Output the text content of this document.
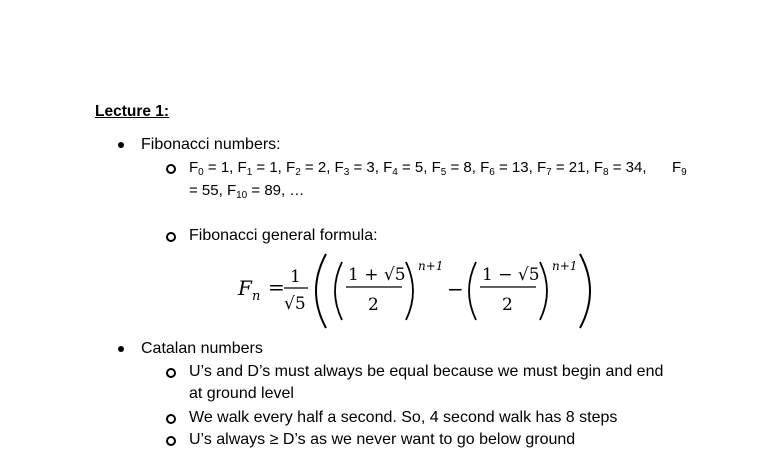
Lecture 1:
Fibonacci numbers:
$F_0 = 1$, $F_1 = 1$, $F_2 = 2$, $F_3 = 3$, $F_4 = 5$, $F_5 = 8$, $F_6 = 13$, $F_7 = 21$, $F_8 = 34$, $F_9$
= 55, $F_{10} = 89$, …
Fibonacci general formula:
F n = 1
√5
1 + √5
2
n+1
−
1 − √5
2
n+1
Catalan numbers
U’s and D’s must always be equal because we must begin and end
at ground level
We walk every half a second. So, 4 second walk has 8 steps
U’s always ≥ D’s as we never want to go below ground
